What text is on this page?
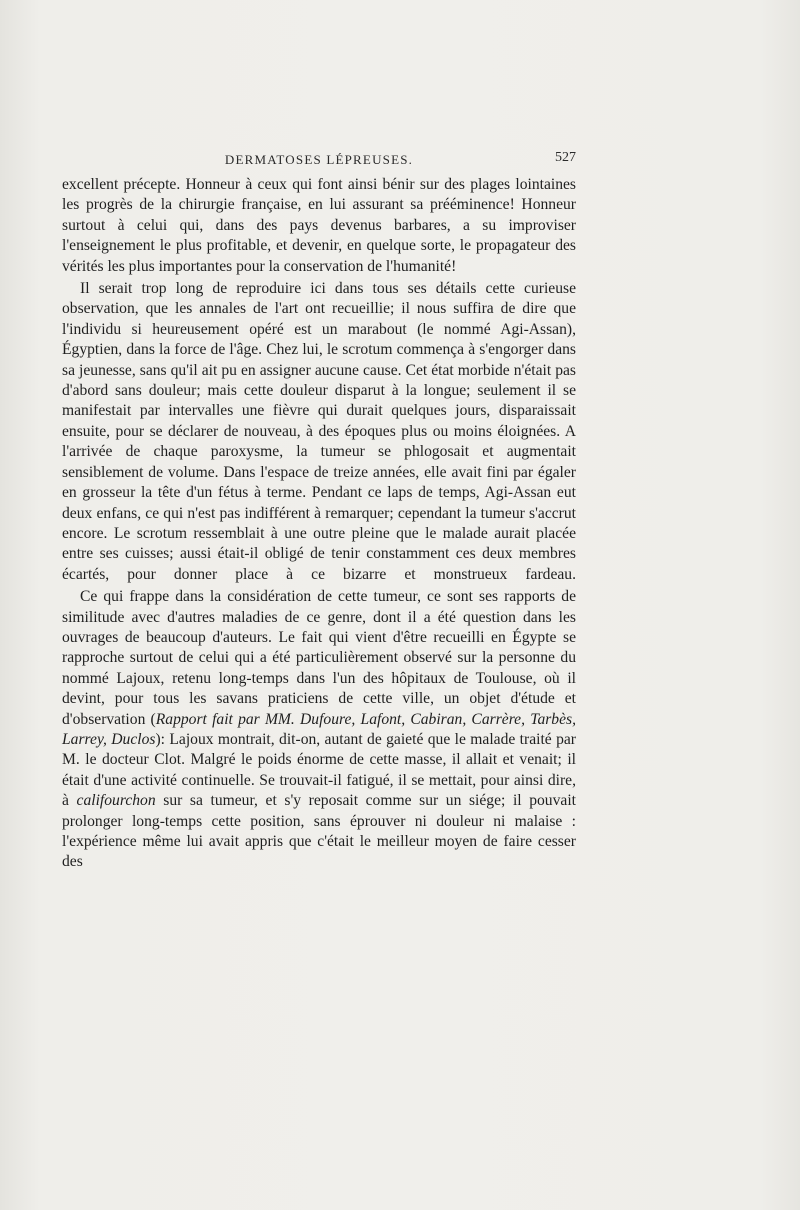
DERMATOSES LÉPREUSES.	527

excellent précepte. Honneur à ceux qui font ainsi bénir sur des plages lointaines les progrès de la chirurgie française, en lui assurant sa prééminence! Honneur surtout à celui qui, dans des pays devenus barbares, a su improviser l'enseignement le plus profitable, et devenir, en quelque sorte, le propagateur des vérités les plus importantes pour la conservation de l'humanité!

Il serait trop long de reproduire ici dans tous ses détails cette curieuse observation, que les annales de l'art ont recueillie; il nous suffira de dire que l'individu si heureusement opéré est un marabout (le nommé Agi-Assan), Égyptien, dans la force de l'âge. Chez lui, le scrotum commença à s'engorger dans sa jeunesse, sans qu'il ait pu en assigner aucune cause. Cet état morbide n'était pas d'abord sans douleur; mais cette douleur disparut à la longue; seulement il se manifestait par intervalles une fièvre qui durait quelques jours, disparaissait ensuite, pour se déclarer de nouveau, à des époques plus ou moins éloignées. A l'arrivée de chaque paroxysme, la tumeur se phlogosait et augmentait sensiblement de volume. Dans l'espace de treize années, elle avait fini par égaler en grosseur la tête d'un fétus à terme. Pendant ce laps de temps, Agi-Assan eut deux enfans, ce qui n'est pas indifférent à remarquer; cependant la tumeur s'accrut encore. Le scrotum ressemblait à une outre pleine que le malade aurait placée entre ses cuisses; aussi était-il obligé de tenir constamment ces deux membres écartés, pour donner place à ce bizarre et monstrueux fardeau.

Ce qui frappe dans la considération de cette tumeur, ce sont ses rapports de similitude avec d'autres maladies de ce genre, dont il a été question dans les ouvrages de beaucoup d'auteurs. Le fait qui vient d'être recueilli en Égypte se rapproche surtout de celui qui a été particulièrement observé sur la personne du nommé Lajoux, retenu long-temps dans l'un des hôpitaux de Toulouse, où il devint, pour tous les savans praticiens de cette ville, un objet d'étude et d'observation (Rapport fait par MM. Dufoure, Lafont, Cabiran, Carrère, Tarbès, Larrey, Duclos): Lajoux montrait, dit-on, autant de gaieté que le malade traité par M. le docteur Clot. Malgré le poids énorme de cette masse, il allait et venait; il était d'une activité continuelle. Se trouvait-il fatigué, il se mettait, pour ainsi dire, à califourchon sur sa tumeur, et s'y reposait comme sur un siége; il pouvait prolonger long-temps cette position, sans éprouver ni douleur ni malaise : l'expérience même lui avait appris que c'était le meilleur moyen de faire cesser des
